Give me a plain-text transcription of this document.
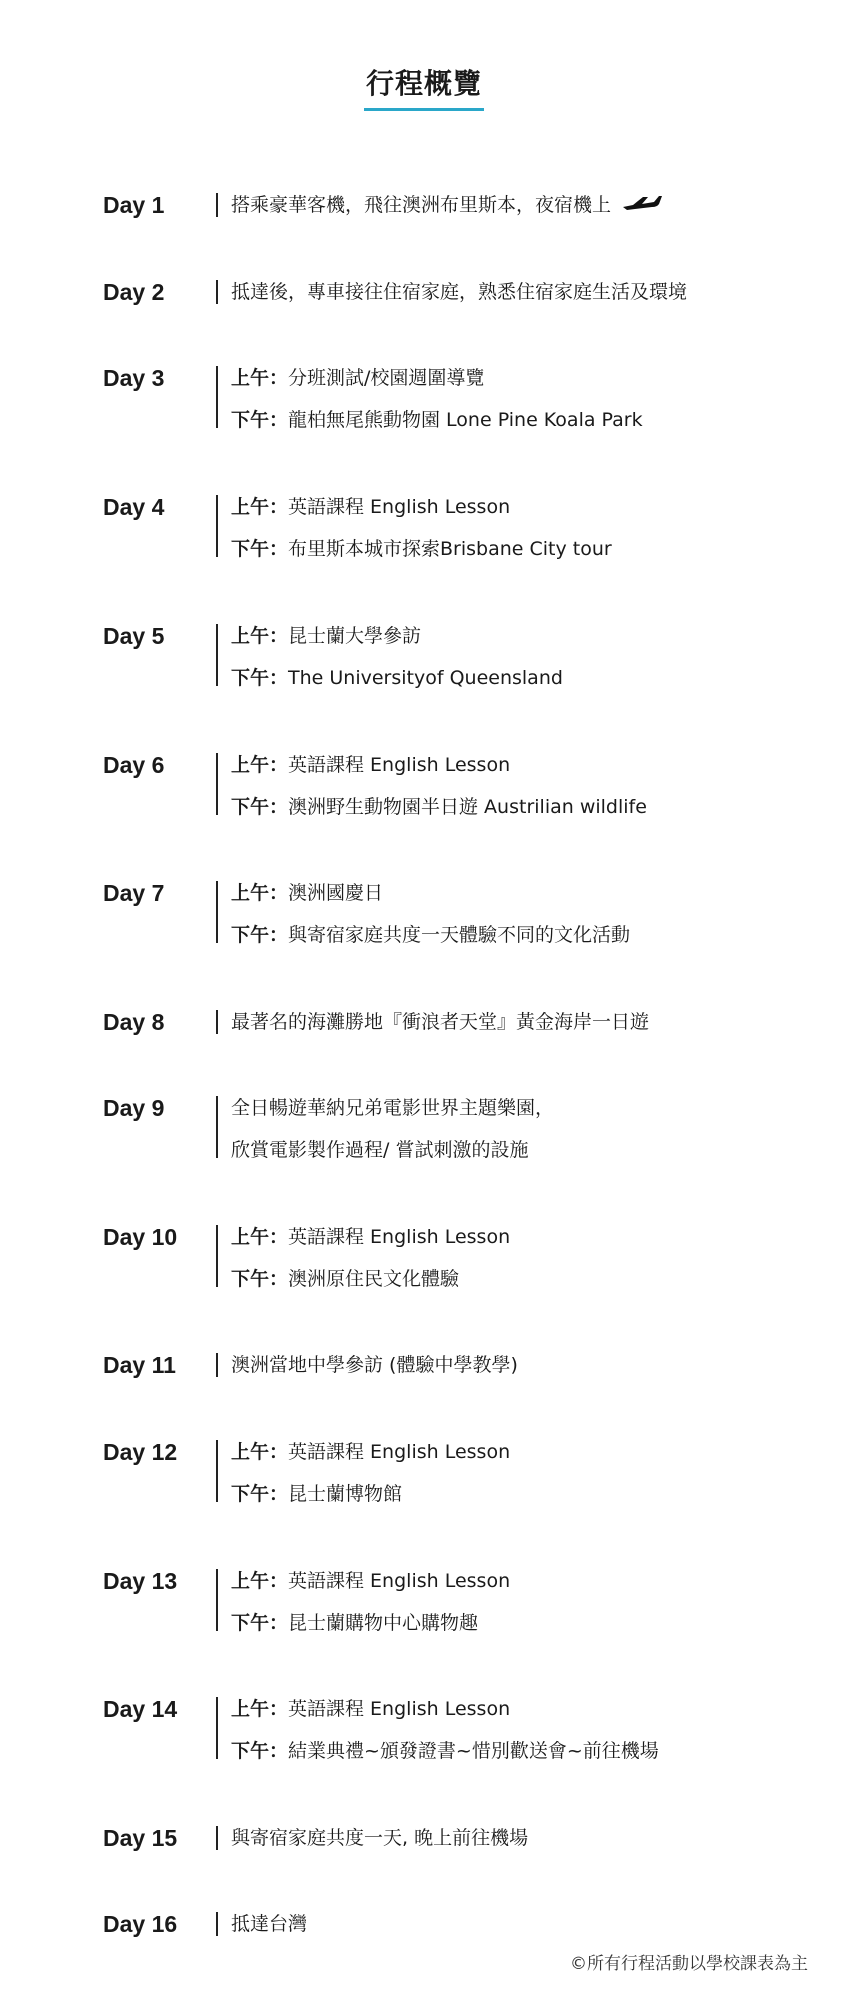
行程概覽
Day 1	搭乘豪華客機，飛往澳洲布里斯本，夜宿機上
Day 2	抵達後，專車接往住宿家庭，熟悉住宿家庭生活及環境
Day 3	上午：分班測試/校園週圍導覽
下午：龍柏無尾熊動物園 Lone Pine Koala Park
Day 4	上午：英語課程 English Lesson
下午：布里斯本城市探索Brisbane City tour
Day 5	上午：昆士蘭大學參訪
下午：The Universityof Queensland
Day 6	上午：英語課程 English Lesson
下午：澳洲野生動物園半日遊 Austrilian wildlife
Day 7	上午：澳洲國慶日
下午：與寄宿家庭共度一天體驗不同的文化活動
Day 8	最著名的海灘勝地『衝浪者天堂』黃金海岸一日遊
Day 9	全日暢遊華納兄弟電影世界主題樂園，
欣賞電影製作過程/ 嘗試刺激的設施
Day 10	上午：英語課程 English Lesson
下午：澳洲原住民文化體驗
Day 11	澳洲當地中學參訪 (體驗中學教學)
Day 12	上午：英語課程 English Lesson
下午：昆士蘭博物館
Day 13	上午：英語課程 English Lesson
下午：昆士蘭購物中心購物趣
Day 14	上午：英語課程 English Lesson
下午：結業典禮~頒發證書~惜別歡送會~前往機場
Day 15	與寄宿家庭共度一天, 晚上前往機場
Day 16	抵達台灣
©所有行程活動以學校課表為主
